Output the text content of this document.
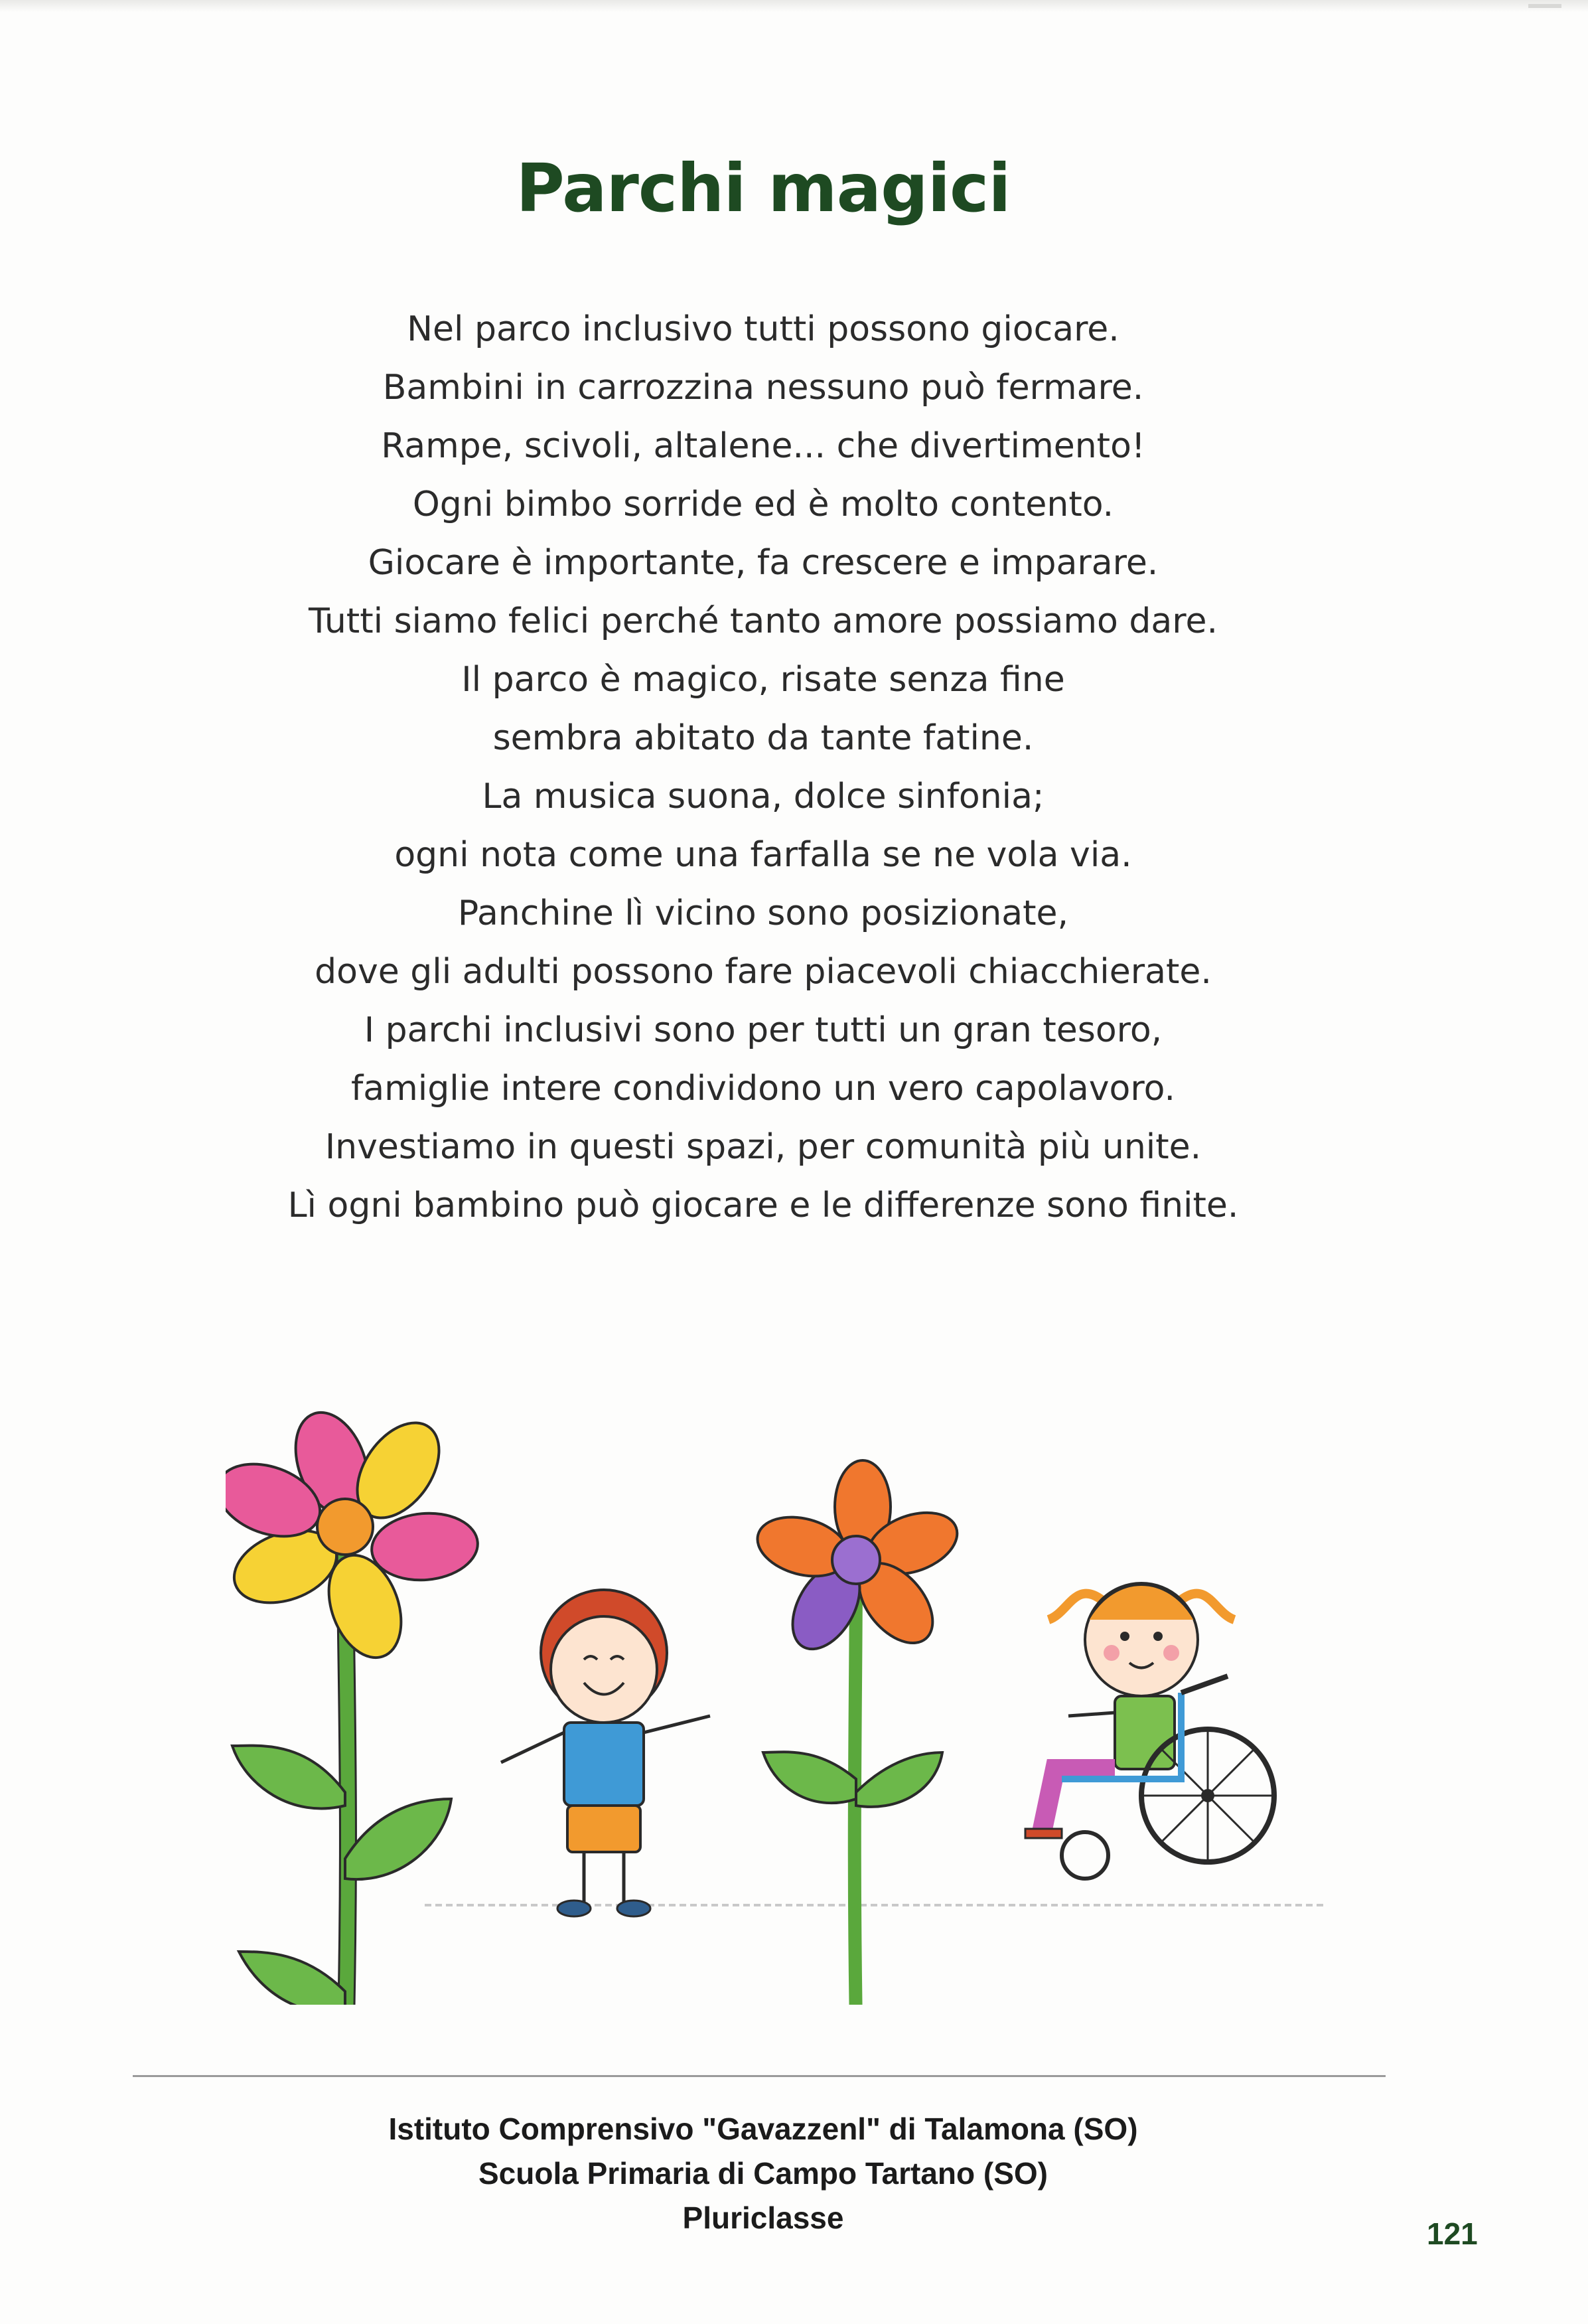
Parchi magici
Nel parco inclusivo tutti possono giocare.
Bambini in carrozzina nessuno può fermare.
Rampe, scivoli, altalene... che divertimento!
Ogni bimbo sorride ed è molto contento.
Giocare è importante, fa crescere e imparare.
Tutti siamo felici perché tanto amore possiamo dare.
Il parco è magico, risate senza fine
sembra abitato da tante fatine.
La musica suona, dolce sinfonia;
ogni nota come una farfalla se ne vola via.
Panchine lì vicino sono posizionate,
dove gli adulti possono fare piacevoli chiacchierate.
I parchi inclusivi sono per tutti un gran tesoro,
famiglie intere condividono un vero capolavoro.
Investiamo in questi spazi, per comunità più unite.
Lì ogni bambino può giocare e le differenze sono finite.
Istituto Comprensivo "Gavazzenl" di Talamona (SO)
Scuola Primaria di Campo Tartano (SO)
Pluriclasse	121
